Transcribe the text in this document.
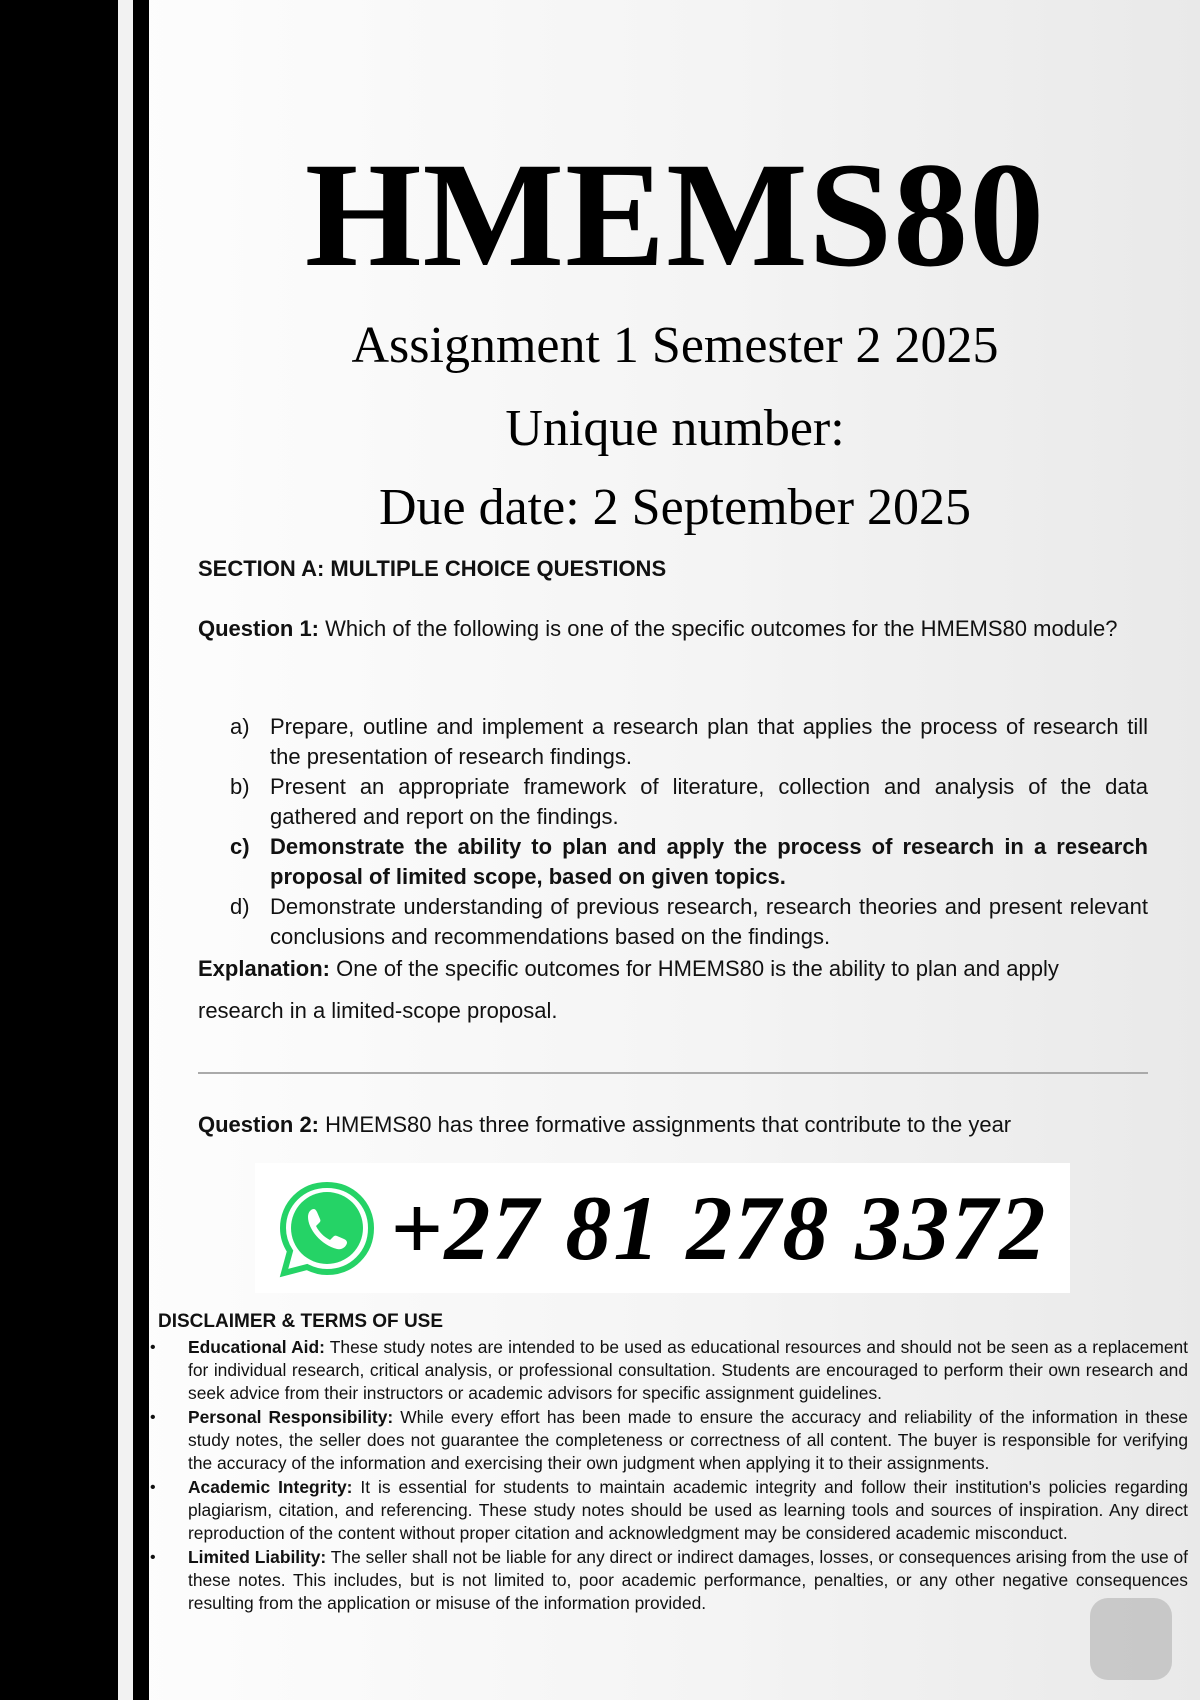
HMEMS80
Assignment 1 Semester 2 2025
Unique number:
Due date: 2 September 2025
SECTION A: MULTIPLE CHOICE QUESTIONS
Question 1: Which of the following is one of the specific outcomes for the HMEMS80 module?
a) Prepare, outline and implement a research plan that applies the process of research till the presentation of research findings.
b) Present an appropriate framework of literature, collection and analysis of the data gathered and report on the findings.
c) Demonstrate the ability to plan and apply the process of research in a research proposal of limited scope, based on given topics.
d) Demonstrate understanding of previous research, research theories and present relevant conclusions and recommendations based on the findings.
Explanation: One of the specific outcomes for HMEMS80 is the ability to plan and apply research in a limited-scope proposal.
Question 2: HMEMS80 has three formative assignments that contribute to the year
+27 81 278 3372
DISCLAIMER & TERMS OF USE
• Educational Aid: These study notes are intended to be used as educational resources and should not be seen as a replacement for individual research, critical analysis, or professional consultation. Students are encouraged to perform their own research and seek advice from their instructors or academic advisors for specific assignment guidelines.
• Personal Responsibility: While every effort has been made to ensure the accuracy and reliability of the information in these study notes, the seller does not guarantee the completeness or correctness of all content. The buyer is responsible for verifying the accuracy of the information and exercising their own judgment when applying it to their assignments.
• Academic Integrity: It is essential for students to maintain academic integrity and follow their institution's policies regarding plagiarism, citation, and referencing. These study notes should be used as learning tools and sources of inspiration. Any direct reproduction of the content without proper citation and acknowledgment may be considered academic misconduct.
• Limited Liability: The seller shall not be liable for any direct or indirect damages, losses, or consequences arising from the use of these notes. This includes, but is not limited to, poor academic performance, penalties, or any other negative consequences resulting from the application or misuse of the information provided.
